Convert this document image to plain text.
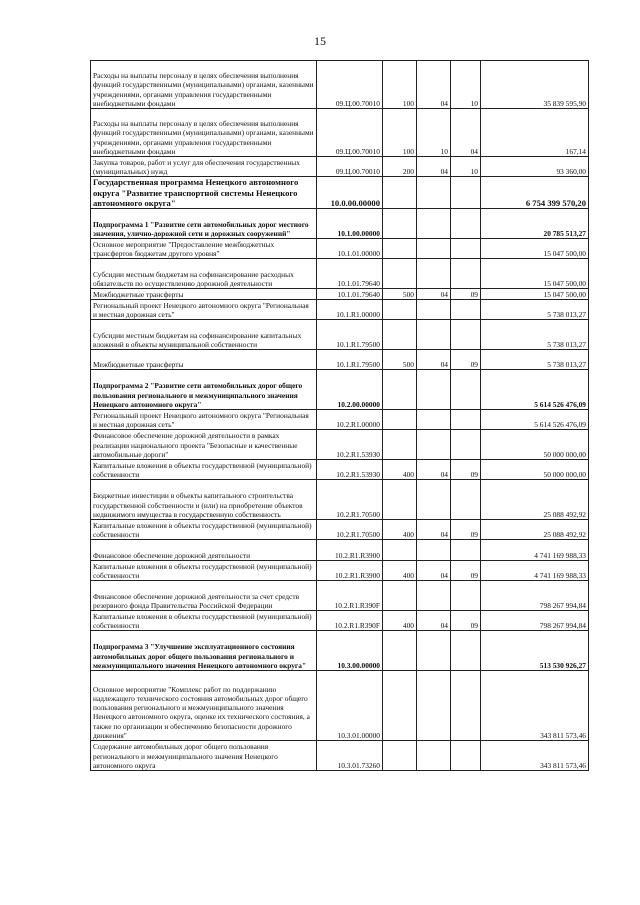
15
Расходы на выплаты персоналу в целях обеспечения выполнения функций государственными (муниципальными) органами, казенными учреждениями, органами управления государственными внебюджетными фондами	09.Ц.00.70010	100	04	10	35 839 595,90
Расходы на выплаты персоналу в целях обеспечения выполнения функций государственными (муниципальными) органами, казенными учреждениями, органами управления государственными внебюджетными фондами	09.Ц.00.70010	100	10	04	167,14
Закупка товаров, работ и услуг для обеспечения государственных (муниципальных) нужд	09.Ц.00.70010	200	04	10	93 360,00
Государственная программа Ненецкого автономного округа "Развитие транспортной системы Ненецкого автономного округа"	10.0.00.00000				6 754 399 570,20
Подпрограмма 1 "Развитие сети автомобильных дорог местного значения, улично-дорожной сети и дорожных сооружений"	10.1.00.00000				20 785 513,27
Основное мероприятие "Предоставление межбюджетных трансфертов бюджетам другого уровня"	10.1.01.00000				15 047 500,00
Субсидии местным бюджетам на софинансирование расходных обязательств по осуществлению дорожной деятельности	10.1.01.79640				15 047 500,00
Межбюджетные трансферты	10.1.01.79640	500	04	09	15 047 500,00
Региональный проект Ненецкого автономного округа "Региональная и местная дорожная сеть"	10.1.R1.00000				5 738 013,27
Субсидии местным бюджетам на софинансирование капитальных вложений в объекты муниципальной собственности	10.1.R1.79500				5 738 013,27
Межбюджетные трансферты	10.1.R1.79500	500	04	09	5 738 013,27
Подпрограмма 2 "Развитие сети автомобильных дорог общего пользования регионального и межмуниципального значения Ненецкого автономного округа"	10.2.00.00000				5 614 526 476,09
Региональный проект Ненецкого автономного округа "Региональная и местная дорожная сеть"	10.2.R1.00000				5 614 526 476,09
Финансовое обеспечение дорожной деятельности в рамках реализации национального проекта "Безопасные и качественные автомобильные дороги"	10.2.R1.53930				50 000 000,00
Капитальные вложения в объекты государственной (муниципальной) собственности	10.2.R1.53930	400	04	09	50 000 000,00
Бюджетные инвестиции в объекты капитального строительства государственной собственности и (или) на приобретение объектов недвижимого имущества в государственную собственность	10.2.R1.70500				25 088 492,92
Капитальные вложения в объекты государственной (муниципальной) собственности	10.2.R1.70500	400	04	09	25 088 492,92
Финансовое обеспечение дорожной деятельности	10.2.R1.R3900				4 741 169 988,33
Капитальные вложения в объекты государственной (муниципальной) собственности	10.2.R1.R3900	400	04	09	4 741 169 988,33
Финансовое обеспечение дорожной деятельности за счет средств резервного фонда Правительства Российской Федерации	10.2.R1.R390F				798 267 994,84
Капитальные вложения в объекты государственной (муниципальной) собственности	10.2.R1.R390F	400	04	09	798 267 994,84
Подпрограмма 3 "Улучшение эксплуатационного состояния автомобильных дорог общего пользования регионального и межмуниципального значения Ненецкого автономного округа"	10.3.00.00000				513 530 926,27
Основное мероприятие "Комплекс работ по поддержанию надлежащего технического состояния автомобильных дорог общего пользования регионального и межмуниципального значения Ненецкого автономного округа, оценке их технического состояния, а также по организации и обеспечению безопасности дорожного движения"	10.3.01.00000				343 811 573,46
Содержание автомобильных дорог общего пользования регионального и межмуниципального значения Ненецкого автономного округа	10.3.01.73260				343 811 573,46
